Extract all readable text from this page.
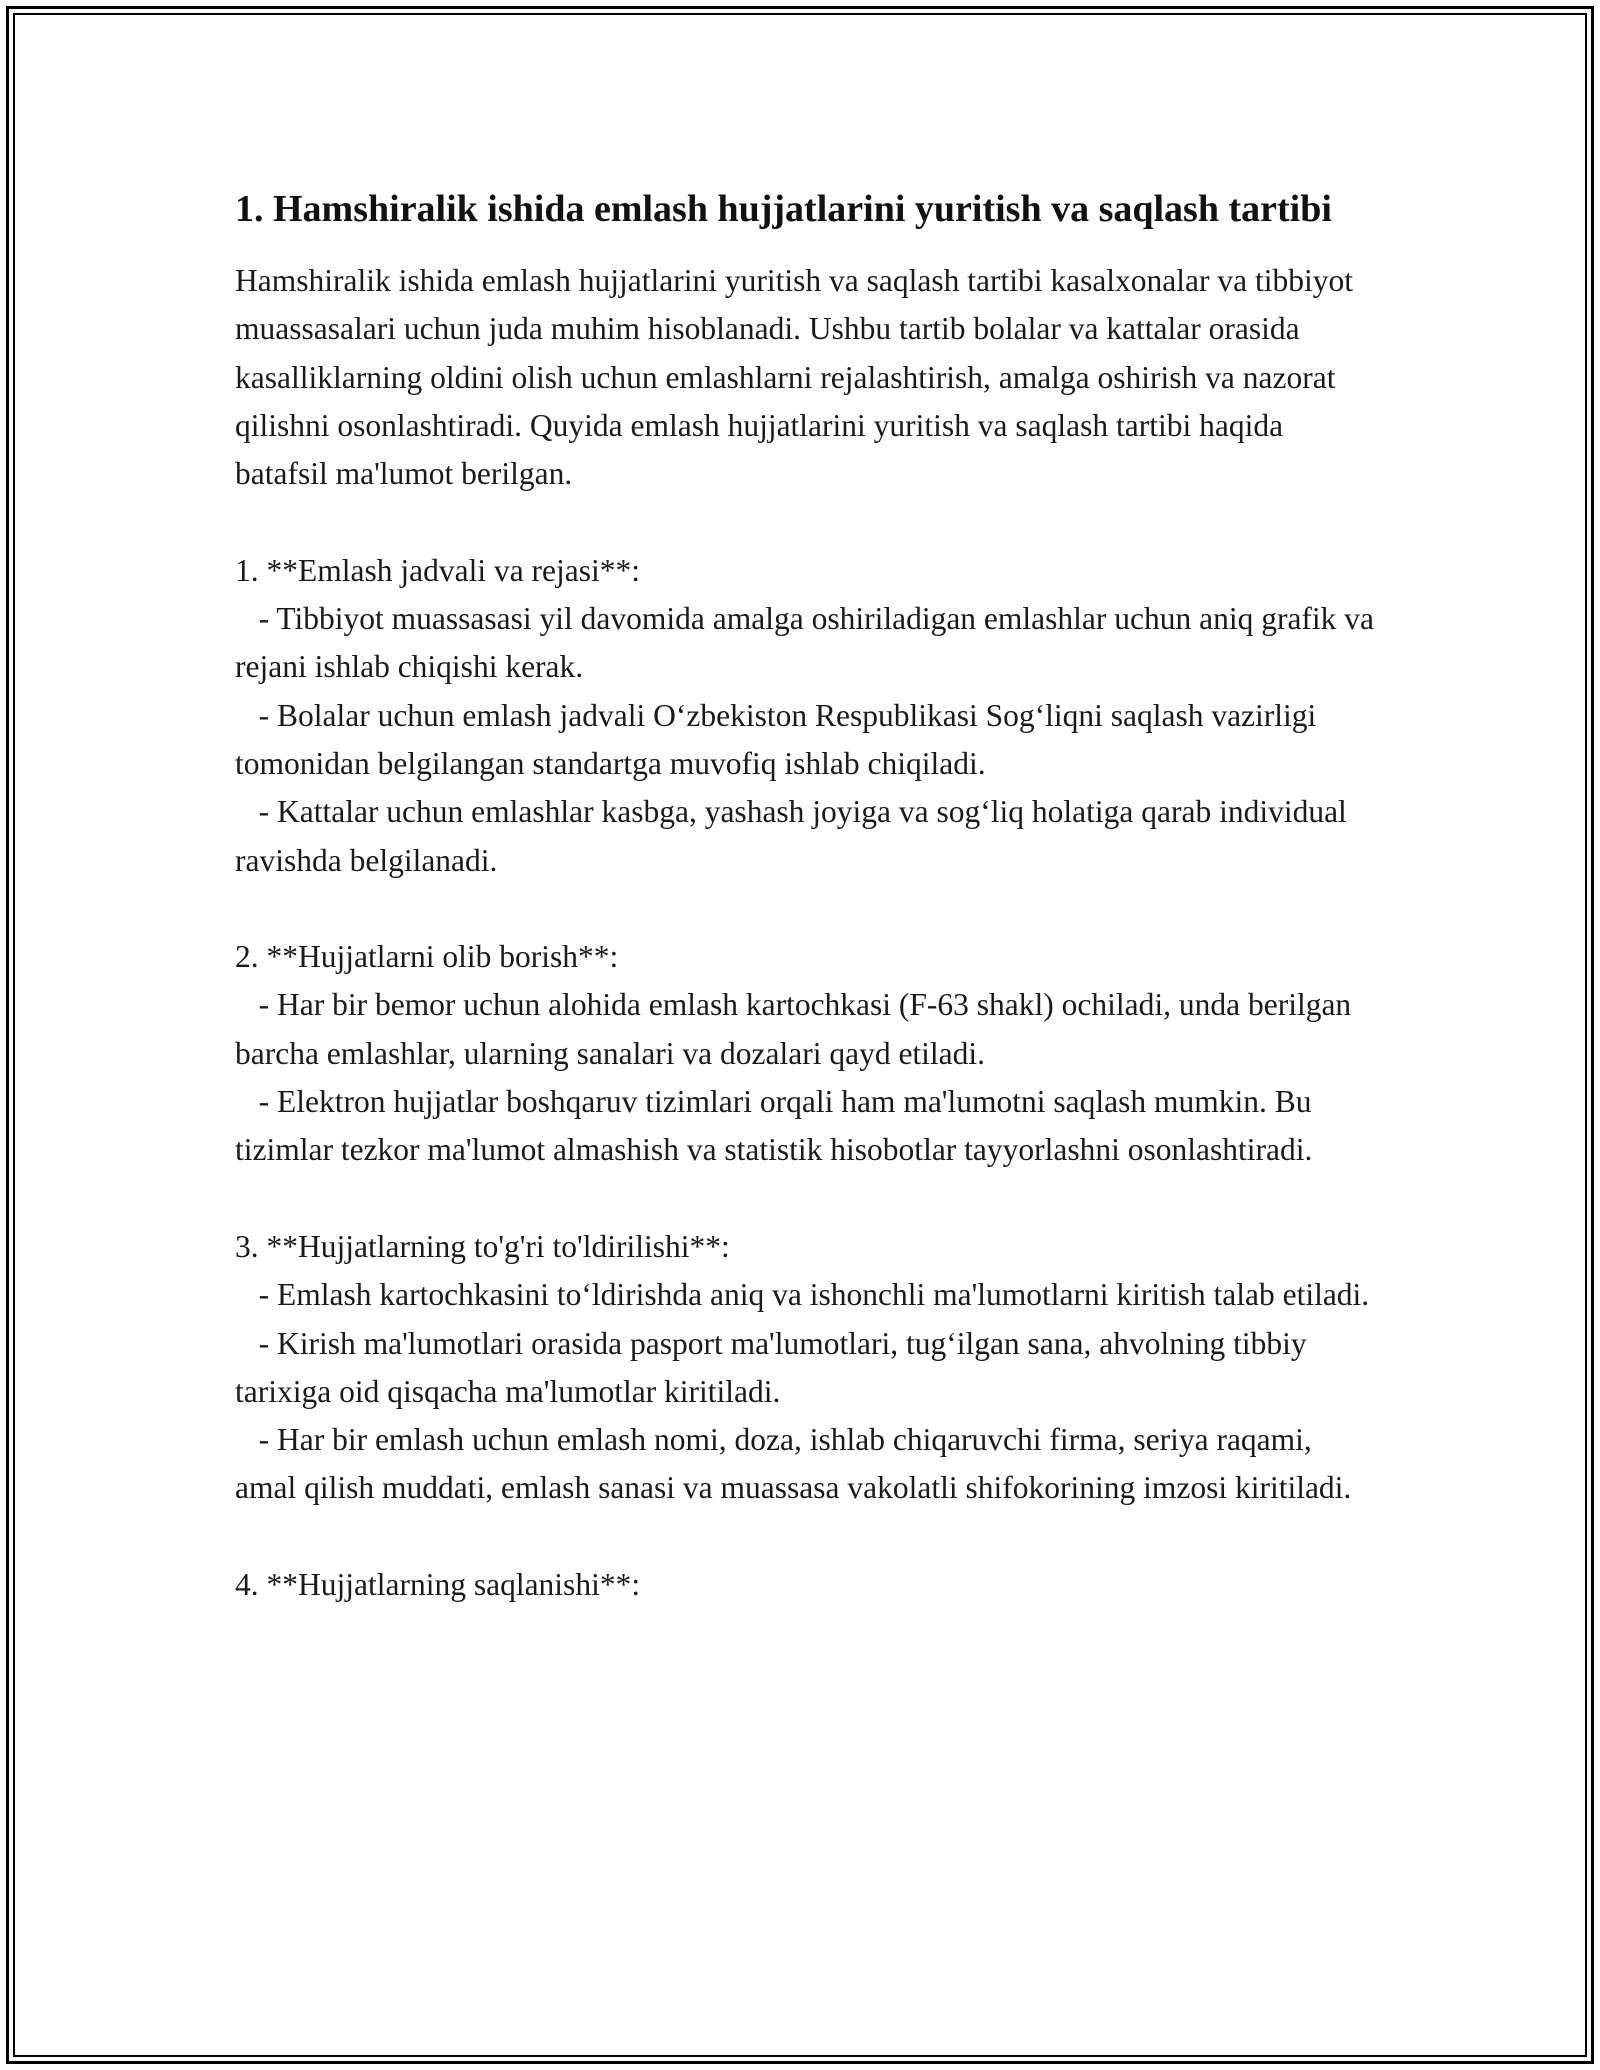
1. Hamshiralik ishida emlash hujjatlarini yuritish va saqlash tartibi

Hamshiralik ishida emlash hujjatlarini yuritish va saqlash tartibi kasalxonalar va tibbiyot muassasalari uchun juda muhim hisoblanadi. Ushbu tartib bolalar va kattalar orasida kasalliklarning oldini olish uchun emlashlarni rejalashtirish, amalga oshirish va nazorat qilishni osonlashtiradi. Quyida emlash hujjatlarini yuritish va saqlash tartibi haqida batafsil ma'lumot berilgan.

1. **Emlash jadvali va rejasi**:

- Tibbiyot muassasasi yil davomida amalga oshiriladigan emlashlar uchun aniq grafik va rejani ishlab chiqishi kerak.

- Bolalar uchun emlash jadvali O‘zbekiston Respublikasi Sog‘liqni saqlash vazirligi tomonidan belgilangan standartga muvofiq ishlab chiqiladi.

- Kattalar uchun emlashlar kasbga, yashash joyiga va sog‘liq holatiga qarab individual ravishda belgilanadi.

2. **Hujjatlarni olib borish**:

- Har bir bemor uchun alohida emlash kartochkasi (F-63 shakl) ochiladi, unda berilgan barcha emlashlar, ularning sanalari va dozalari qayd etiladi.

- Elektron hujjatlar boshqaruv tizimlari orqali ham ma'lumotni saqlash mumkin. Bu tizimlar tezkor ma'lumot almashish va statistik hisobotlar tayyorlashni osonlashtiradi.

3. **Hujjatlarning to'g'ri to'ldirilishi**:

- Emlash kartochkasini to‘ldirishda aniq va ishonchli ma'lumotlarni kiritish talab etiladi.

- Kirish ma'lumotlari orasida pasport ma'lumotlari, tug‘ilgan sana, ahvolning tibbiy tarixiga oid qisqacha ma'lumotlar kiritiladi.

- Har bir emlash uchun emlash nomi, doza, ishlab chiqaruvchi firma, seriya raqami, amal qilish muddati, emlash sanasi va muassasa vakolatli shifokorining imzosi kiritiladi.

4. **Hujjatlarning saqlanishi**:
